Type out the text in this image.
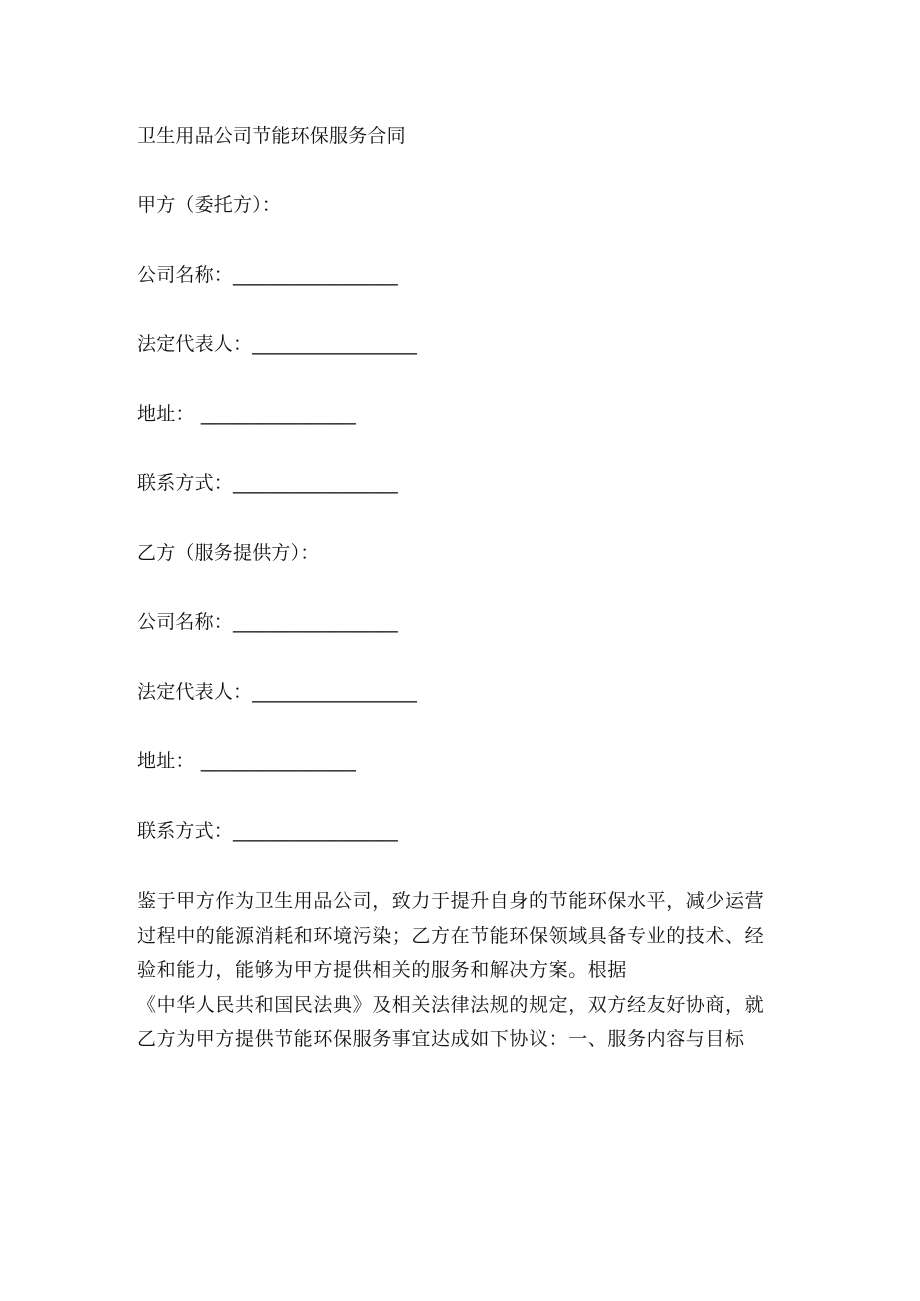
卫生用品公司节能环保服务合同
甲方（委托方）：
公司名称：_________________
法定代表人：_________________
地址： ________________
联系方式：_________________
乙方（服务提供方）：
公司名称：_________________
法定代表人：_________________
地址： ________________
联系方式：_________________
鉴于甲方作为卫生用品公司，致力于提升自身的节能环保水平，减少运营
过程中的能源消耗和环境污染；乙方在节能环保领域具备专业的技术、经
验和能力，能够为甲方提供相关的服务和解决方案。根据
《中华人民共和国民法典》及相关法律法规的规定，双方经友好协商，就
乙方为甲方提供节能环保服务事宜达成如下协议：一、服务内容与目标
